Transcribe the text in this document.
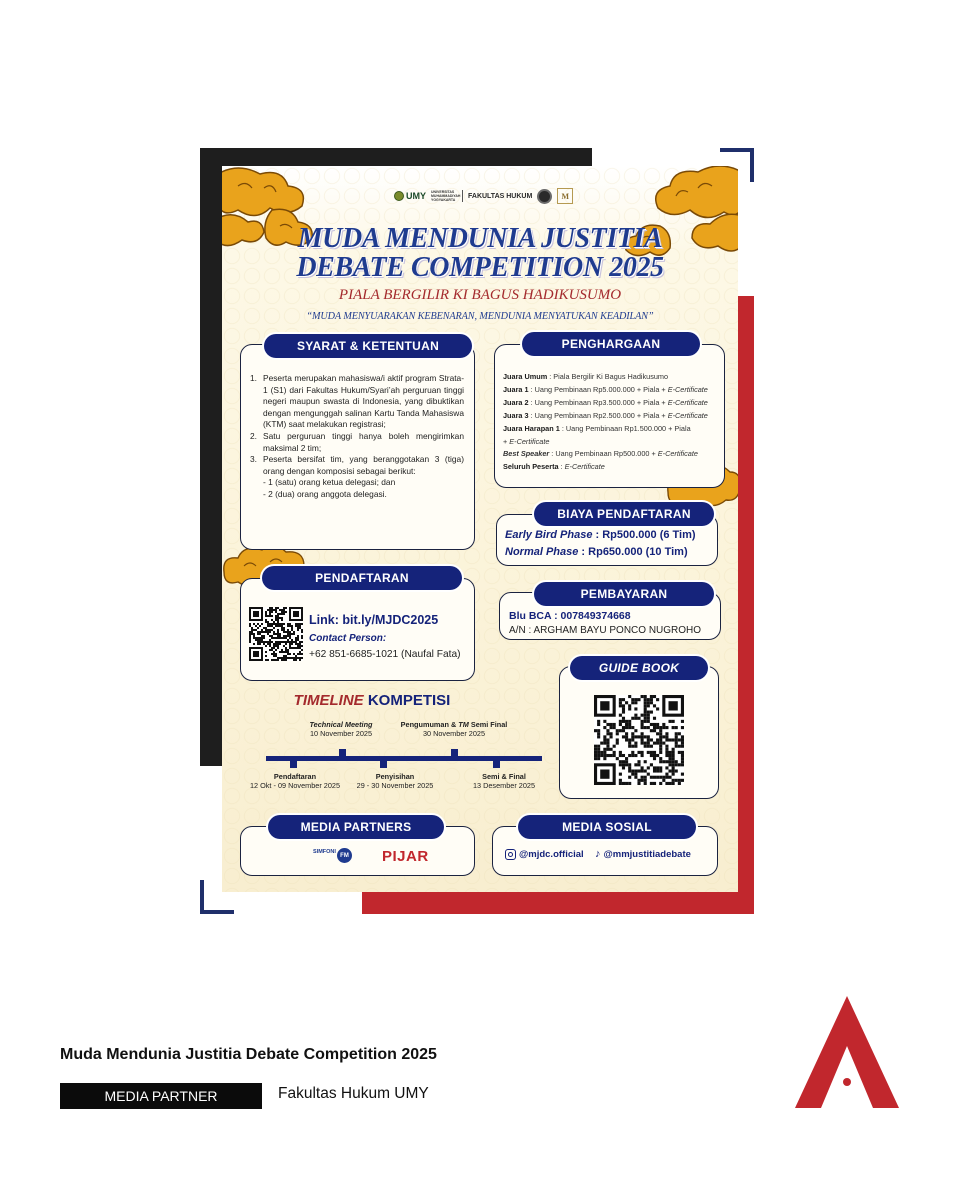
UMY UNIVERSITAS MUHAMMADIYAH YOGYAKARTA
FAKULTAS HUKUM	M
MUDA MENDUNIA JUSTITIA
DEBATE COMPETITION 2025
PIALA BERGILIR KI BAGUS HADIKUSUMO
“MUDA MENYUARAKAN KEBENARAN, MENDUNIA MENYATUKAN KEADILAN”
1. Peserta merupakan mahasiswa/i aktif program Strata-1 (S1) dari Fakultas Hukum/Syari’ah perguruan tinggi negeri maupun swasta di Indonesia, yang dibuktikan dengan mengunggah salinan Kartu Tanda Mahasiswa (KTM) saat melakukan registrasi;
2. Satu perguruan tinggi hanya boleh mengirimkan maksimal 2 tim;
3. Peserta bersifat tim, yang beranggotakan 3 (tiga) orang dengan komposisi sebagai berikut:
- 1 (satu) orang ketua delegasi; dan
- 2 (dua) orang anggota delegasi.
SYARAT & KETENTUAN
Juara Umum : Piala Bergilir Ki Bagus Hadikusumo
Juara 1 : Uang Pembinaan Rp5.000.000 + Piala + E-Certificate
Juara 2 : Uang Pembinaan Rp3.500.000 + Piala + E-Certificate
Juara 3 : Uang Pembinaan Rp2.500.000 + Piala + E-Certificate
Juara Harapan 1 : Uang Pembinaan Rp1.500.000 + Piala
+ E-Certificate
Best Speaker : Uang Pembinaan Rp500.000 + E-Certificate
Seluruh Peserta : E-Certificate
PENGHARGAAN
Early Bird Phase : Rp500.000 (6 Tim)
Normal Phase : Rp650.000 (10 Tim)
BIAYA PENDAFTARAN
Link: bit.ly/MJDC2025
Contact Person:
+62 851-6685-1021 (Naufal Fata)
PENDAFTARAN
Blu BCA : 007849374668
A/N : ARGHAM BAYU PONCO NUGROHO
PEMBAYARAN
GUIDE BOOK
TIMELINE KOMPETISI
Technical Meeting
10 November 2025
Pengumuman & TM Semi Final
30 November 2025
Pendaftaran
12 Okt - 09 November 2025
Penyisihan
29 - 30 November 2025
Semi & Final
13 Desember 2025
SIMFONI
FM PIJAR
MEDIA PARTNERS
@mjdc.official ♪ @mmjustitiadebate
MEDIA SOSIAL
Muda Mendunia Justitia Debate Competition 2025
MEDIA PARTNER	Fakultas Hukum UMY
